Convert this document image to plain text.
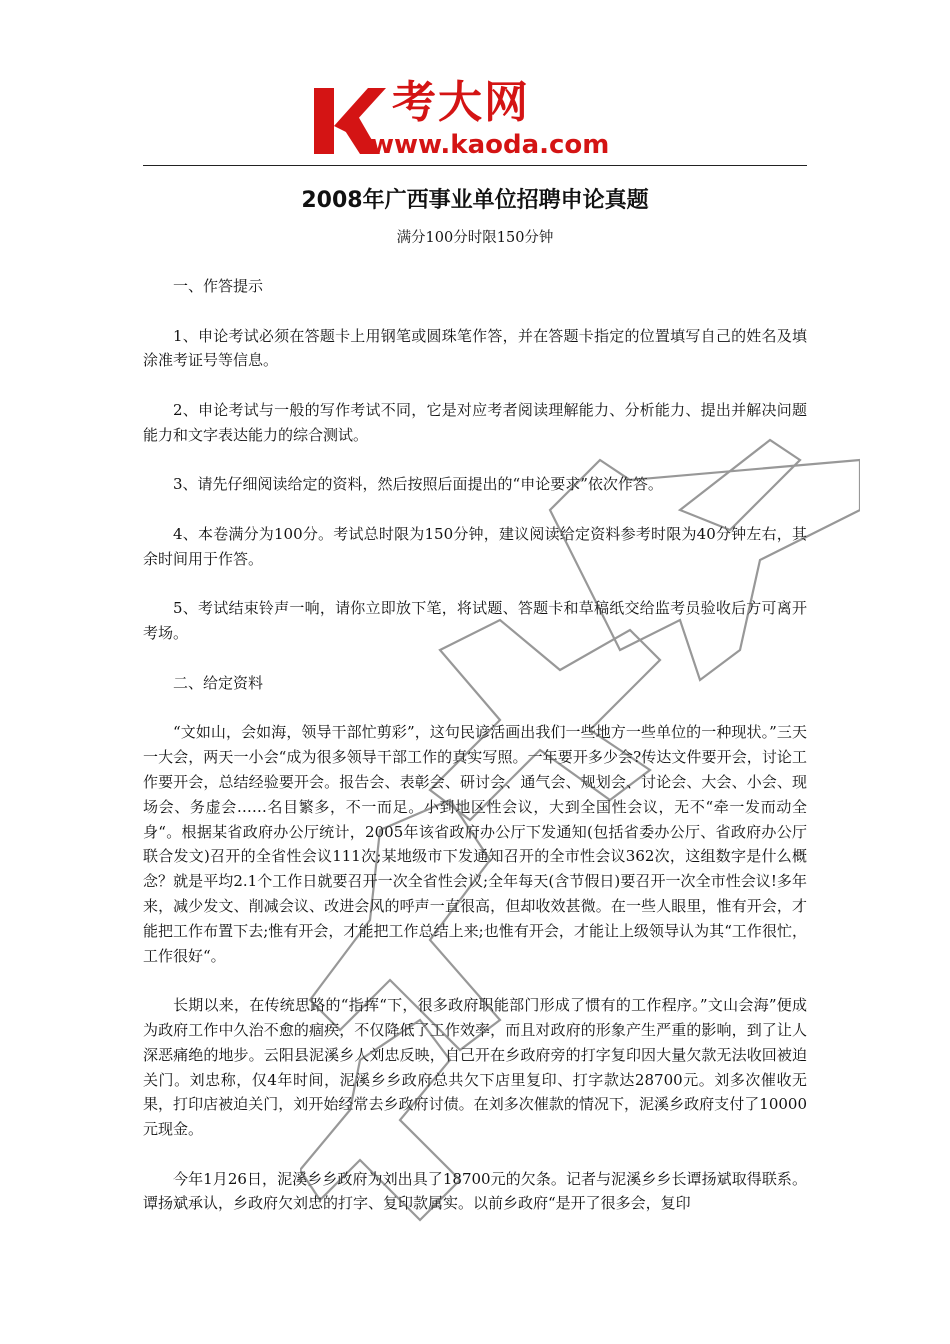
考大网
www.kaoda.com
2008年广西事业单位招聘申论真题
满分100分时限150分钟

一、作答提示

1、申论考试必须在答题卡上用钢笔或圆珠笔作答，并在答题卡指定的位置填写自己的姓名及填涂准考证号等信息。

2、申论考试与一般的写作考试不同，它是对应考者阅读理解能力、分析能力、提出并解决问题能力和文字表达能力的综合测试。

3、请先仔细阅读给定的资料，然后按照后面提出的“申论要求”依次作答。

4、本卷满分为100分。考试总时限为150分钟，建议阅读给定资料参考时限为40分钟左右，其余时间用于作答。

5、考试结束铃声一响，请你立即放下笔，将试题、答题卡和草稿纸交给监考员验收后方可离开考场。

二、给定资料

“文如山，会如海，领导干部忙剪彩”，这句民谚活画出我们一些地方一些单位的一种现状。”三天一大会，两天一小会“成为很多领导干部工作的真实写照。一年要开多少会?传达文件要开会，讨论工作要开会，总结经验要开会。报告会、表彰会、研讨会、通气会、规划会、讨论会、大会、小会、现场会、务虚会……名目繁多，不一而足。小到地区性会议，大到全国性会议，无不“牵一发而动全身“。根据某省政府办公厅统计，2005年该省政府办公厅下发通知(包括省委办公厅、省政府办公厅联合发文)召开的全省性会议111次;某地级市下发通知召开的全市性会议362次，这组数字是什么概念？就是平均2.1个工作日就要召开一次全省性会议;全年每天(含节假日)要召开一次全市性会议!多年来，减少发文、削减会议、改进会风的呼声一直很高，但却收效甚微。在一些人眼里，惟有开会，才能把工作布置下去;惟有开会，才能把工作总结上来;也惟有开会，才能让上级领导认为其“工作很忙，工作很好“。

长期以来，在传统思路的“指挥“下，很多政府职能部门形成了惯有的工作程序。”文山会海”便成为政府工作中久治不愈的痼疾，不仅降低了工作效率，而且对政府的形象产生严重的影响，到了让人深恶痛绝的地步。云阳县泥溪乡人刘忠反映，自己开在乡政府旁的打字复印因大量欠款无法收回被迫关门。刘忠称，仅4年时间，泥溪乡乡政府总共欠下店里复印、打字款达28700元。刘多次催收无果，打印店被迫关门，刘开始经常去乡政府讨债。在刘多次催款的情况下，泥溪乡政府支付了10000元现金。

今年1月26日，泥溪乡乡政府为刘出具了18700元的欠条。记者与泥溪乡乡长谭扬斌取得联系。谭扬斌承认，乡政府欠刘忠的打字、复印款属实。以前乡政府“是开了很多会，复印
